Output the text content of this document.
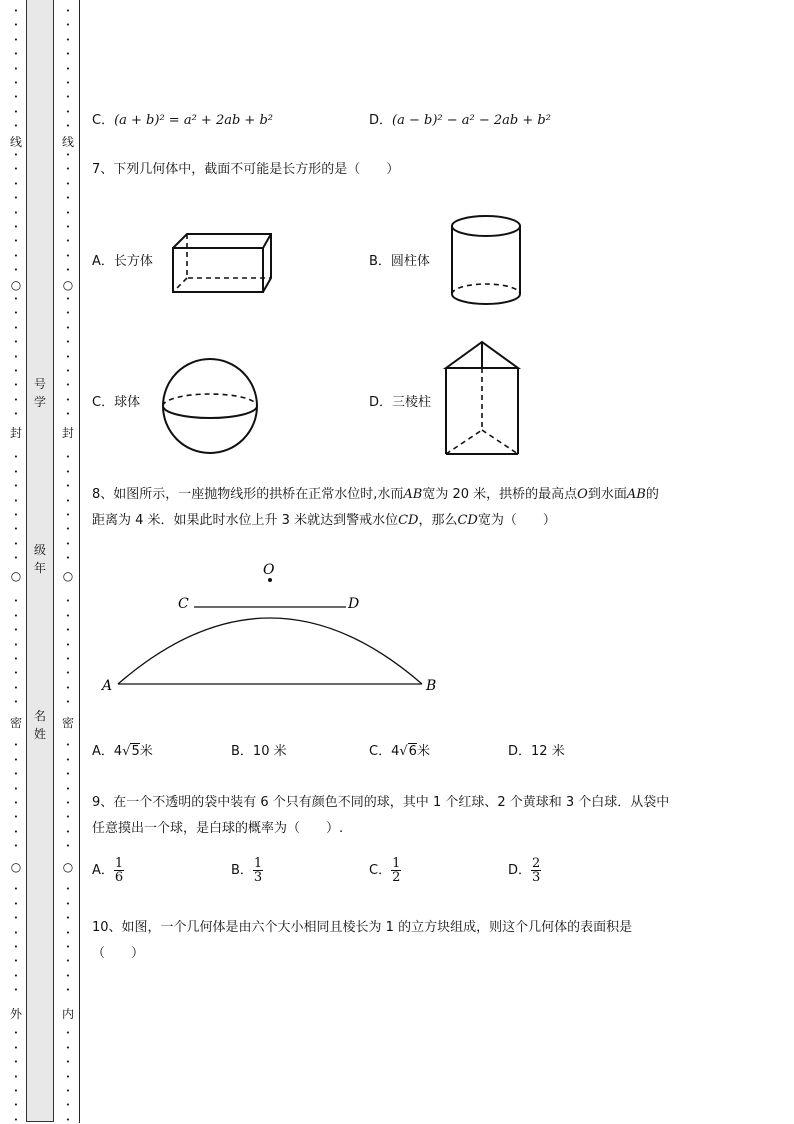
•
•
•
•
•
•
•
•
•
•
•
•
•
•
•
•
•
•
•
•
•
•
•
•
•
•
•
•
•
•
•
•
•
•
•
•
•
•
•
•
•
•
•
•
•
•
•
•
•
•
•
•
•
•
•
•
•
•
•
•
•
•
•
•
•
•
线
○
封
○
密
○
外
•
•
•
•
•
•
•
•
•
•
•
•
•
•
•
•
•
•
•
•
•
•
•
•
•
•
•
•
•
•
•
•
•
•
•
•
•
•
•
•
•
•
•
•
•
•
•
•
•
•
•
•
•
•
•
•
•
•
•
•
•
•
•
•
•
•
线
○
封
○
密
○
内
号
学
级
年
名
姓
C．(a + b)² = a² + 2ab + b²	D．(a − b)² − a² − 2ab + b²
7、下列几何体中，截面不可能是长方形的是（　　）
A．长方体	B．圆柱体
C．球体	D．三棱柱
8、如图所示，一座抛物线形的拱桥在正常水位时,水而AB宽为 20 米，拱桥的最高点O到水面AB的
距离为 4 米．如果此时水位上升 3 米就达到警戒水位CD，那么CD宽为（　　）
O
C	D
A	B
A．4√5米	B．10 米	C．4√6米	D．12 米
9、在一个不透明的袋中装有 6 个只有颜色不同的球，其中 1 个红球、2 个黄球和 3 个白球．从袋中
任意摸出一个球，是白球的概率为（　　）.
A． $\frac{1}{6}$	B． $\frac{1}{3}$	C． $\frac{1}{2}$	D． $\frac{2}{3}$
10、如图，一个几何体是由六个大小相同且棱长为 1 的立方块组成，则这个几何体的表面积是
（　　）
